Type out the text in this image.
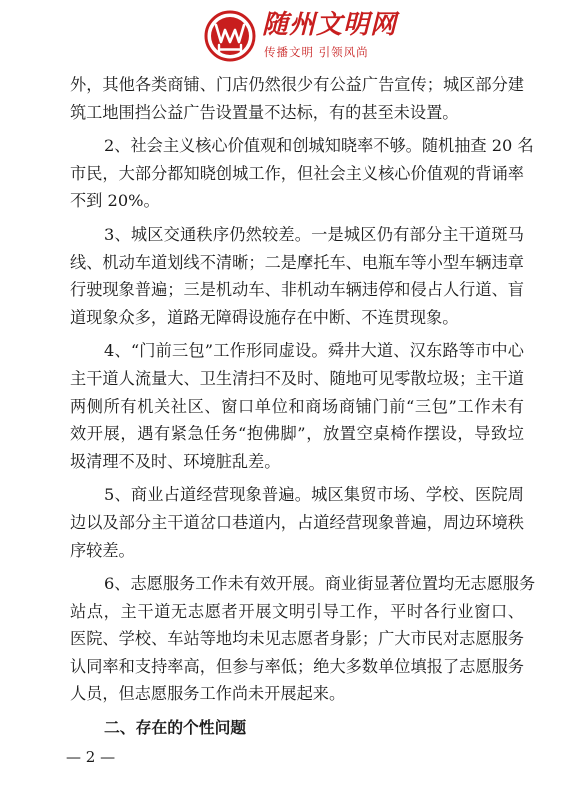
随州文明网
传播文明 引领风尚
外，其他各类商铺、门店仍然很少有公益广告宣传；城区部分建
筑工地围挡公益广告设置量不达标，有的甚至未设置。
2、社会主义核心价值观和创城知晓率不够。随机抽查 20 名
市民，大部分都知晓创城工作，但社会主义核心价值观的背诵率
不到 20%。
3、城区交通秩序仍然较差。一是城区仍有部分主干道斑马
线、机动车道划线不清晰；二是摩托车、电瓶车等小型车辆违章
行驶现象普遍；三是机动车、非机动车辆违停和侵占人行道、盲
道现象众多，道路无障碍设施存在中断、不连贯现象。
4、“门前三包”工作形同虚设。舜井大道、汉东路等市中心
主干道人流量大、卫生清扫不及时、随地可见零散垃圾；主干道
两侧所有机关社区、窗口单位和商场商铺门前“三包”工作未有
效开展，遇有紧急任务“抱佛脚”，放置空桌椅作摆设，导致垃
圾清理不及时、环境脏乱差。
5、商业占道经营现象普遍。城区集贸市场、学校、医院周
边以及部分主干道岔口巷道内，占道经营现象普遍，周边环境秩
序较差。
6、志愿服务工作未有效开展。商业街显著位置均无志愿服务
站点，主干道无志愿者开展文明引导工作，平时各行业窗口、
医院、学校、车站等地均未见志愿者身影；广大市民对志愿服务
认同率和支持率高，但参与率低；绝大多数单位填报了志愿服务
人员，但志愿服务工作尚未开展起来。
二、存在的个性问题
— 2 —
